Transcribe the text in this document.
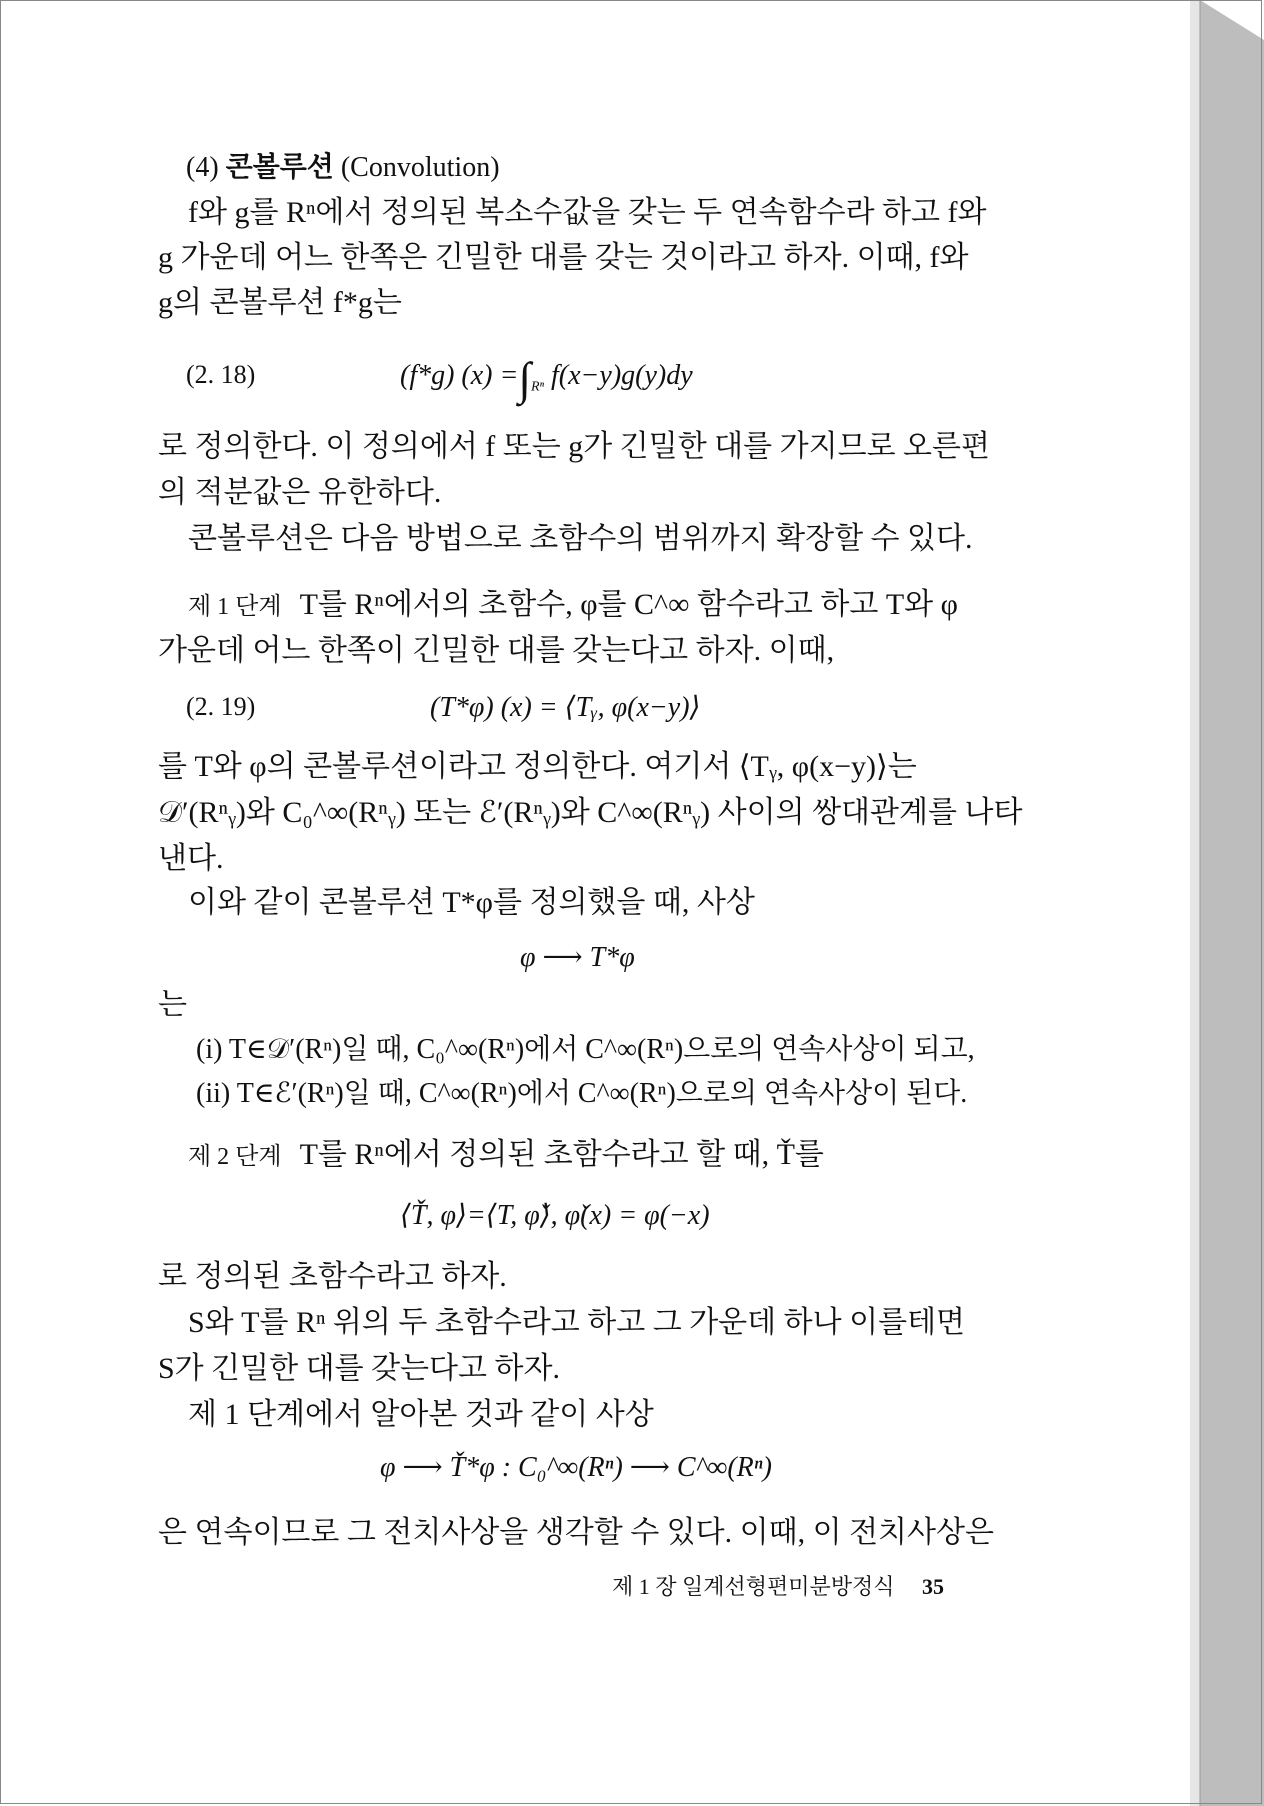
(4) 콘볼루션 (Convolution)
f와 g를 Rⁿ에서 정의된 복소수값을 갖는 두 연속함수라 하고 f와
g 가운데 어느 한쪽은 긴밀한 대를 갖는 것이라고 하자. 이때, f와
g의 콘볼루션 f*g는
(2. 18)	(f*g) $(x) =\int_{R^n}$ f(x−y)g(y)dy
로 정의한다. 이 정의에서 f 또는 g가 긴밀한 대를 가지므로 오른편
의 적분값은 유한하다.
콘볼루션은 다음 방법으로 초함수의 범위까지 확장할 수 있다.
제 1 단계 T를 Rⁿ에서의 초함수, φ를 C^∞ 함수라고 하고 T와 φ
가운데 어느 한쪽이 긴밀한 대를 갖는다고 하자. 이때,
(2. 19)	(T*φ) (x) = ⟨Tᵧ, φ(x−y)⟩
를 T와 φ의 콘볼루션이라고 정의한다. 여기서 ⟨Tᵧ, φ(x−y)⟩는
𝒟′(Rⁿᵧ)와 C₀^∞(Rⁿᵧ) 또는 ℰ′(Rⁿᵧ)와 C^∞(Rⁿᵧ) 사이의 쌍대관계를 나타
낸다.
이와 같이 콘볼루션 T*φ를 정의했을 때, 사상
φ ⟶ T*φ
는
(i) T∈𝒟′(Rⁿ)일 때, C₀^∞(Rⁿ)에서 C^∞(Rⁿ)으로의 연속사상이 되고,
(ii) T∈ℰ′(Rⁿ)일 때, C^∞(Rⁿ)에서 C^∞(Rⁿ)으로의 연속사상이 된다.
제 2 단계 T를 Rⁿ에서 정의된 초함수라고 할 때, Ť를
⟨Ť, φ⟩=⟨T, φ̌⟩, φ̌(x) = φ(−x)
로 정의된 초함수라고 하자.
S와 T를 Rⁿ 위의 두 초함수라고 하고 그 가운데 하나 이를테면
S가 긴밀한 대를 갖는다고 하자.
제 1 단계에서 알아본 것과 같이 사상
φ ⟶ Ť*φ : C₀^∞(Rⁿ) ⟶ C^∞(Rⁿ)
은 연속이므로 그 전치사상을 생각할 수 있다. 이때, 이 전치사상은
제 1 장 일계선형편미분방정식 35
